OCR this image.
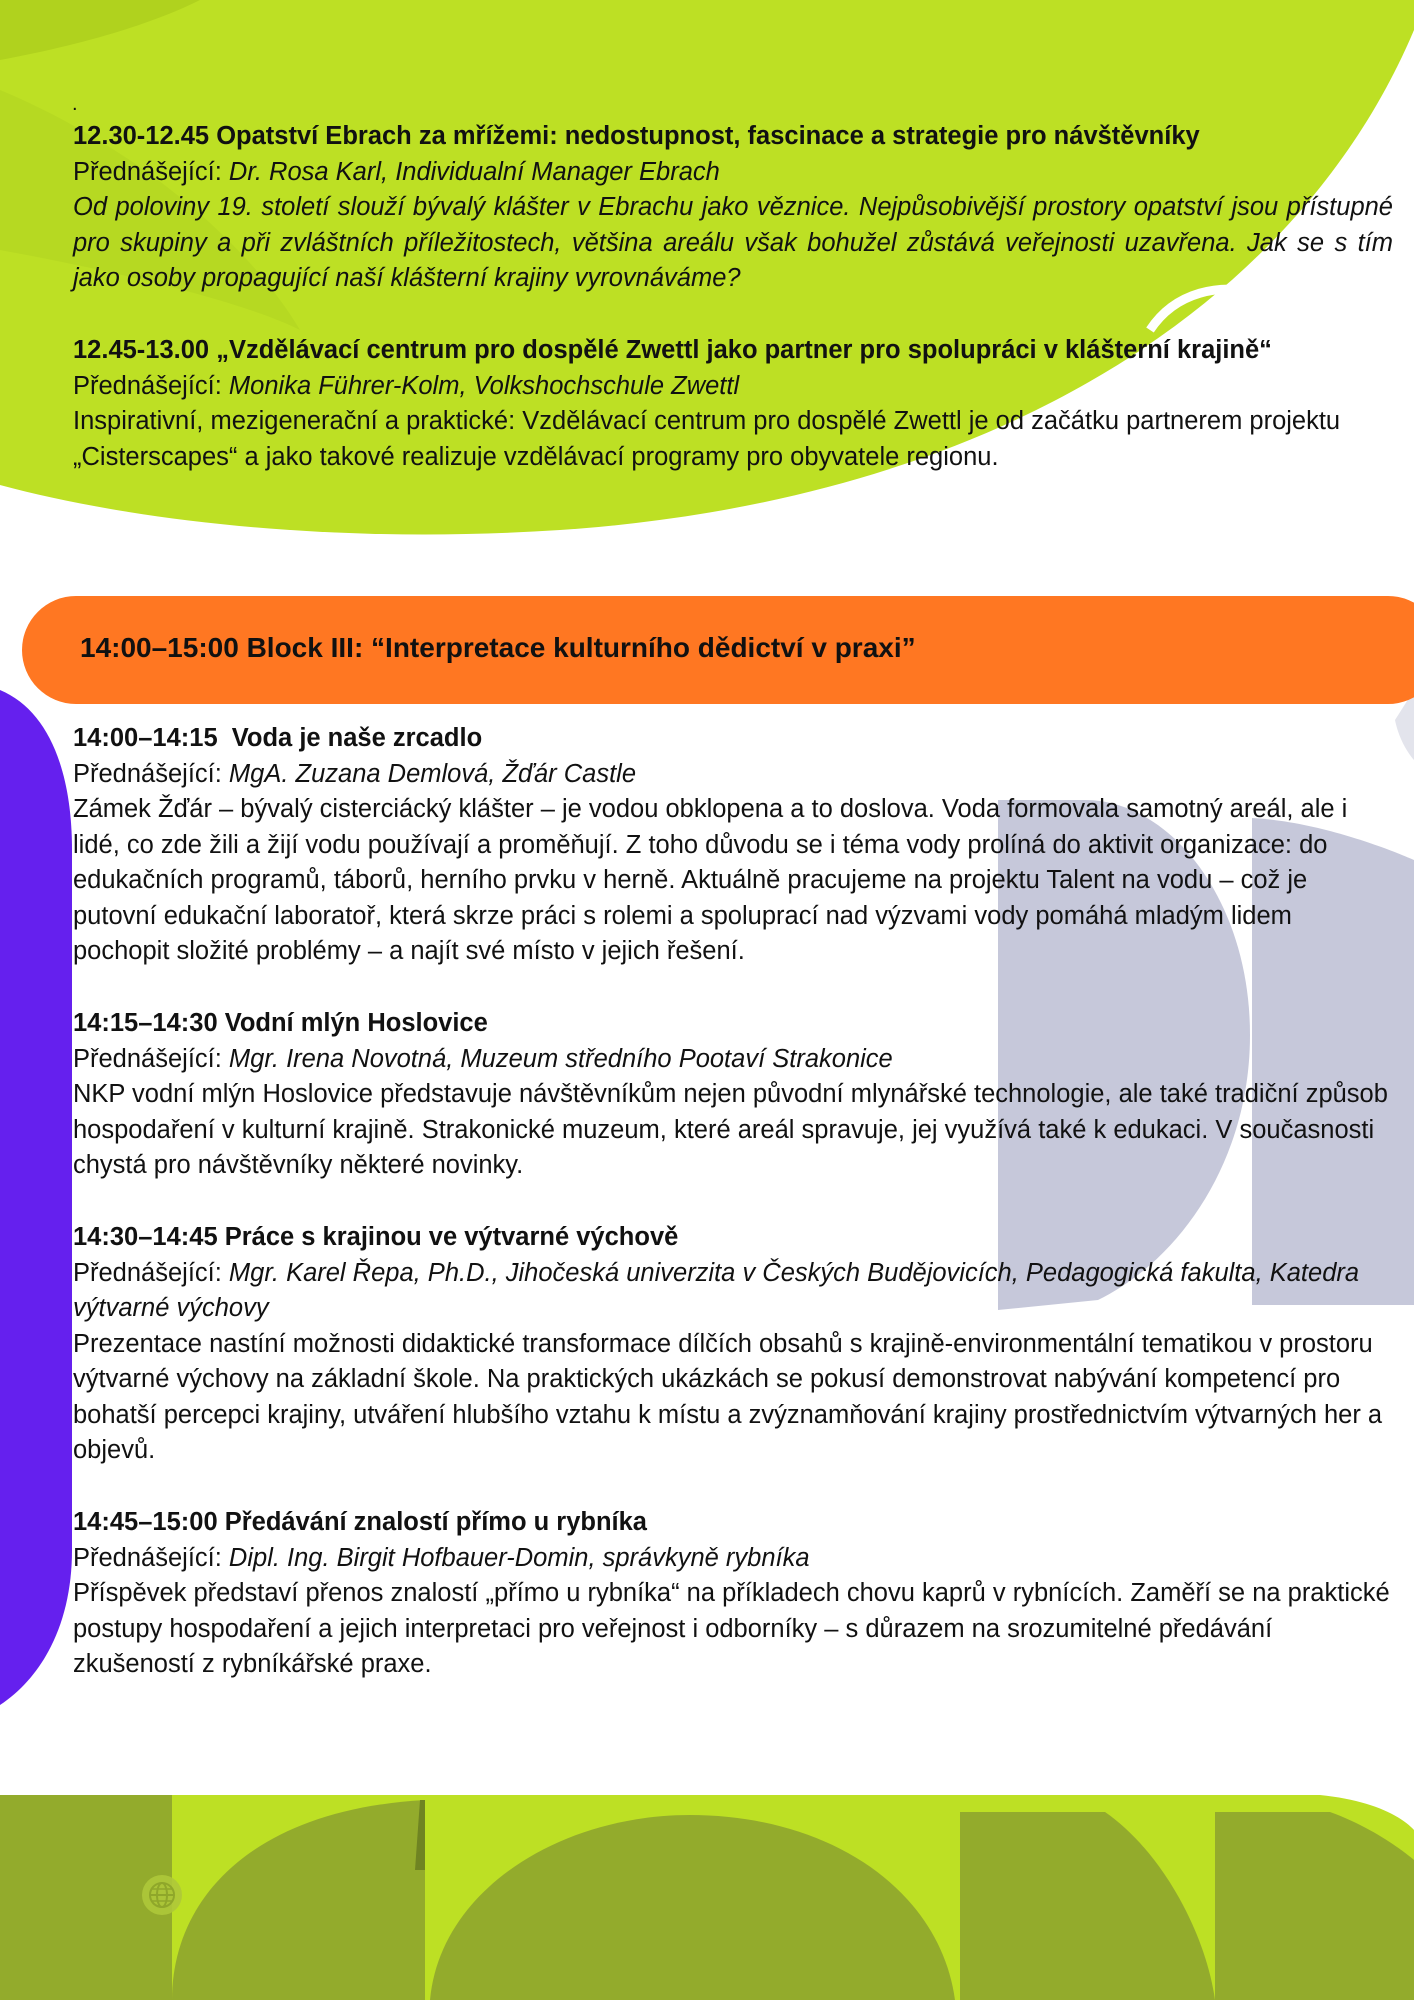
.

12.30-12.45 Opatství Ebrach za mřížemi: nedostupnost, fascinace a strategie pro návštěvníky

Přednášející: Dr. Rosa Karl, Individualní Manager Ebrach

Od poloviny 19. století slouží bývalý klášter v Ebrachu jako věznice. Nejpůsobivější prostory opatství jsou přístupné pro skupiny a při zvláštních příležitostech, většina areálu však bohužel zůstává veřejnosti uzavřena. Jak se s tím jako osoby propagující naší klášterní krajiny vyrovnáváme?

12.45-13.00 „Vzdělávací centrum pro dospělé Zwettl jako partner pro spolupráci v klášterní krajině“

Přednášející: Monika Führer-Kolm, Volkshochschule Zwettl

Inspirativní, mezigenerační a praktické: Vzdělávací centrum pro dospělé Zwettl je od začátku partnerem projektu „Cisterscapes“ a jako takové realizuje vzdělávací programy pro obyvatele regionu.

14:00–15:00 Block III: “Interpretace kulturního dědictví v praxi”

14:00–14:15  Voda je naše zrcadlo

Přednášející: MgA. Zuzana Demlová, Žďár Castle

Zámek Žďár – bývalý cisterciácký klášter – je vodou obklopena a to doslova. Voda formovala samotný areál, ale i lidé, co zde žili a žijí vodu používají a proměňují. Z toho důvodu se i téma vody prolíná do aktivit organizace: do edukačních programů, táborů, herního prvku v herně. Aktuálně pracujeme na projektu Talent na vodu – což je putovní edukační laboratoř, která skrze práci s rolemi a spoluprací nad výzvami vody pomáhá mladým lidem pochopit složité problémy – a najít své místo v jejich řešení.

14:15–14:30 Vodní mlýn Hoslovice

Přednášející: Mgr. Irena Novotná, Muzeum středního Pootaví Strakonice

NKP vodní mlýn Hoslovice představuje návštěvníkům nejen původní mlynářské technologie, ale také tradiční způsob hospodaření v kulturní krajině. Strakonické muzeum, které areál spravuje, jej využívá také k edukaci. V současnosti chystá pro návštěvníky některé novinky.

14:30–14:45 Práce s krajinou ve výtvarné výchově

Přednášející: Mgr. Karel Řepa, Ph.D., Jihočeská univerzita v Českých Budějovicích, Pedagogická fakulta, Katedra výtvarné výchovy

Prezentace nastíní možnosti didaktické transformace dílčích obsahů s krajině-environmentální tematikou v prostoru výtvarné výchovy na základní škole. Na praktických ukázkách se pokusí demonstrovat nabývání kompetencí pro bohatší percepci krajiny, utváření hlubšího vztahu k místu a zvýznamňování krajiny prostřednictvím výtvarných her a objevů.

14:45–15:00 Předávání znalostí přímo u rybníka

Přednášející: Dipl. Ing. Birgit Hofbauer-Domin, správkyně rybníka

Příspěvek představí přenos znalostí „přímo u rybníka“ na příkladech chovu kaprů v rybnících. Zaměří se na praktické postupy hospodaření a jejich interpretaci pro veřejnost i odborníky – s důrazem na srozumitelné předávání zkušeností z rybníkářské praxe.
